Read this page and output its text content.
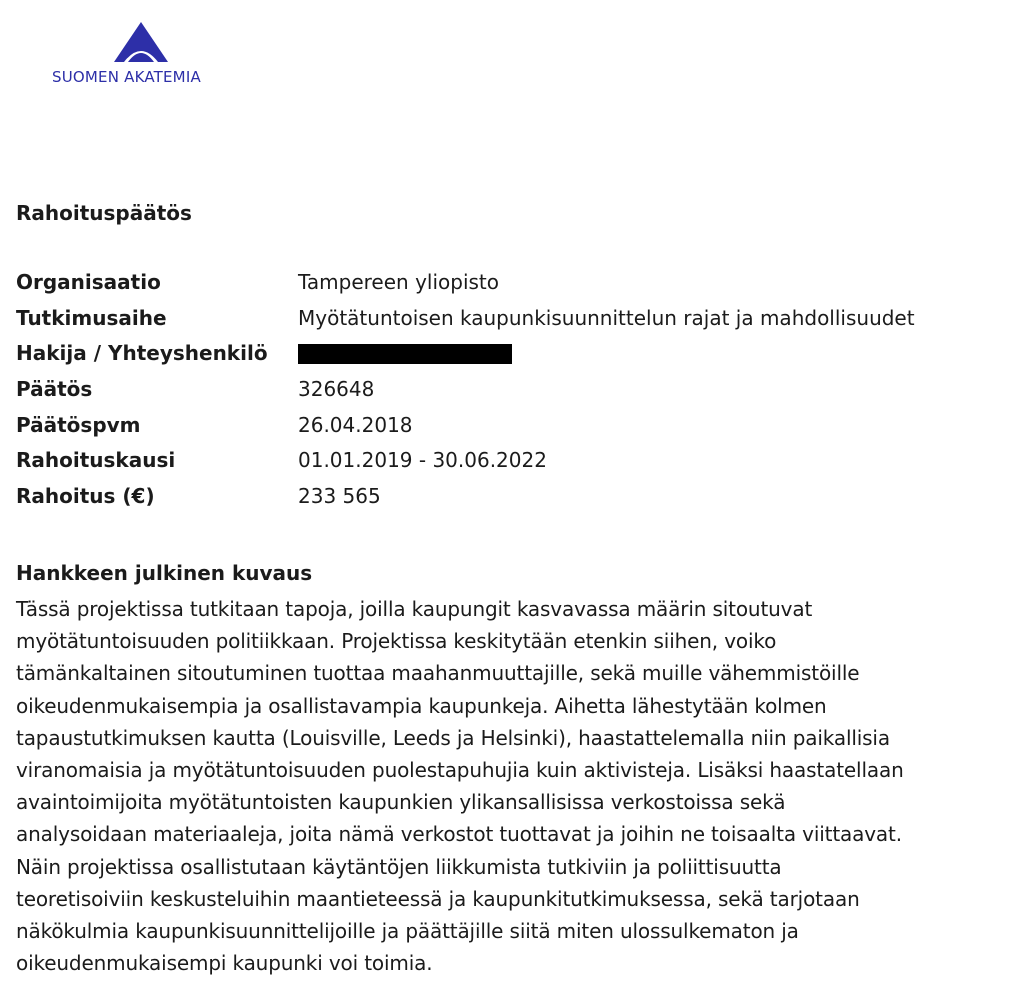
SUOMEN AKATEMIA
Rahoituspäätös
Organisaatio	Tampereen yliopisto
Tutkimusaihe	Myötätuntoisen kaupunkisuunnittelun rajat ja mahdollisuudet
Hakija / Yhteyshenkilö
Päätös	326648
Päätöspvm	26.04.2018
Rahoituskausi	01.01.2019 - 30.06.2022
Rahoitus (€)	233 565
Hankkeen julkinen kuvaus
Tässä projektissa tutkitaan tapoja, joilla kaupungit kasvavassa määrin sitoutuvat
myötätuntoisuuden politiikkaan. Projektissa keskitytään etenkin siihen, voiko
tämänkaltainen sitoutuminen tuottaa maahanmuuttajille, sekä muille vähemmistöille
oikeudenmukaisempia ja osallistavampia kaupunkeja. Aihetta lähestytään kolmen
tapaustutkimuksen kautta (Louisville, Leeds ja Helsinki), haastattelemalla niin paikallisia
viranomaisia ja myötätuntoisuuden puolestapuhujia kuin aktivisteja. Lisäksi haastatellaan
avaintoimijoita myötätuntoisten kaupunkien ylikansallisissa verkostoissa sekä
analysoidaan materiaaleja, joita nämä verkostot tuottavat ja joihin ne toisaalta viittaavat.
Näin projektissa osallistutaan käytäntöjen liikkumista tutkiviin ja poliittisuutta
teoretisoiviin keskusteluihin maantieteessä ja kaupunkitutkimuksessa, sekä tarjotaan
näkökulmia kaupunkisuunnittelijoille ja päättäjille siitä miten ulossulkematon ja
oikeudenmukaisempi kaupunki voi toimia.
